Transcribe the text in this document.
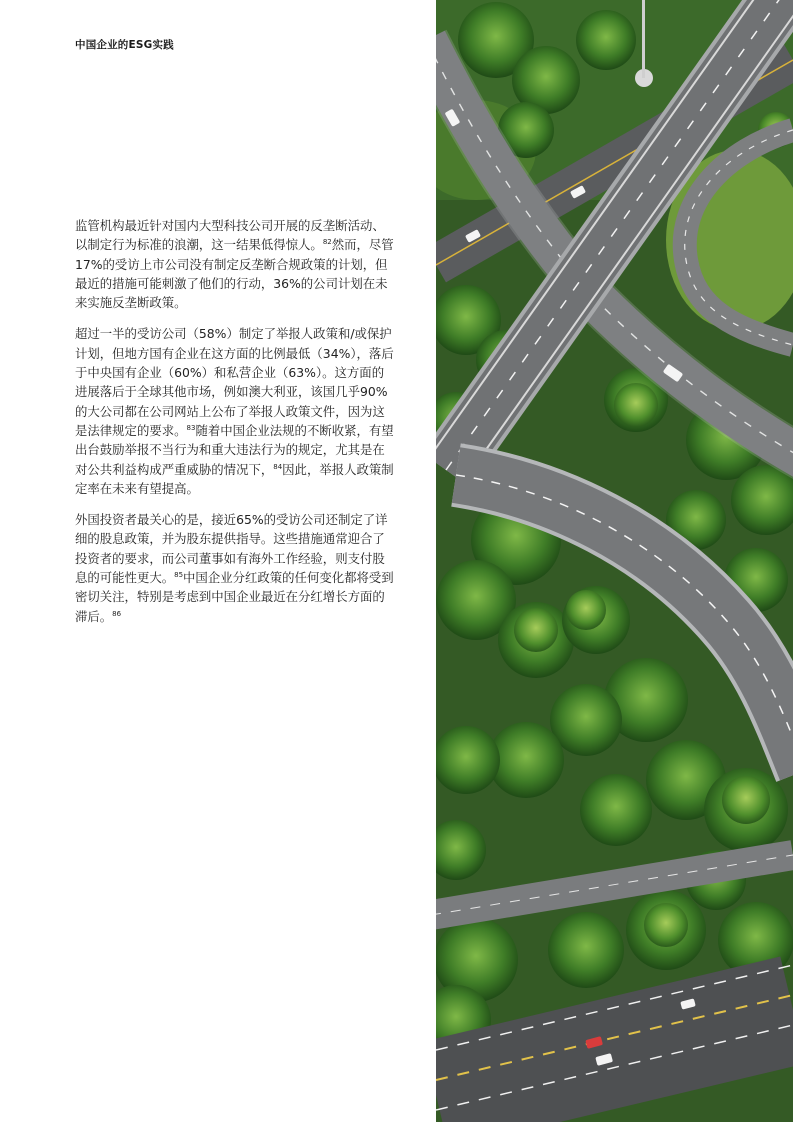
中国企业的ESG实践

监管机构最近针对国内大型科技公司开展的反垄断活动、以制定行为标准的浪潮，这一结果低得惊人。$^{82}$然而，尽管17%的受访上市公司没有制定反垄断合规政策的计划，但最近的措施可能刺激了他们的行动，36%的公司计划在未来实施反垄断政策。

超过一半的受访公司（58%）制定了举报人政策和/或保护计划，但地方国有企业在这方面的比例最低（34%），落后于中央国有企业（60%）和私营企业（63%）。这方面的进展落后于全球其他市场，例如澳大利亚，该国几乎90%的大公司都在公司网站上公布了举报人政策文件，因为这是法律规定的要求。$^{83}$随着中国企业法规的不断收紧，有望出台鼓励举报不当行为和重大违法行为的规定，尤其是在对公共利益构成严重威胁的情况下，$^{84}$因此，举报人政策制定率在未来有望提高。

外国投资者最关心的是，接近65%的受访公司还制定了详细的股息政策，并为股东提供指导。这些措施通常迎合了投资者的要求，而公司董事如有海外工作经验，则支付股息的可能性更大。$^{85}$中国企业分红政策的任何变化都将受到密切关注，特别是考虑到中国企业最近在分红增长方面的滞后。$^{86}$
